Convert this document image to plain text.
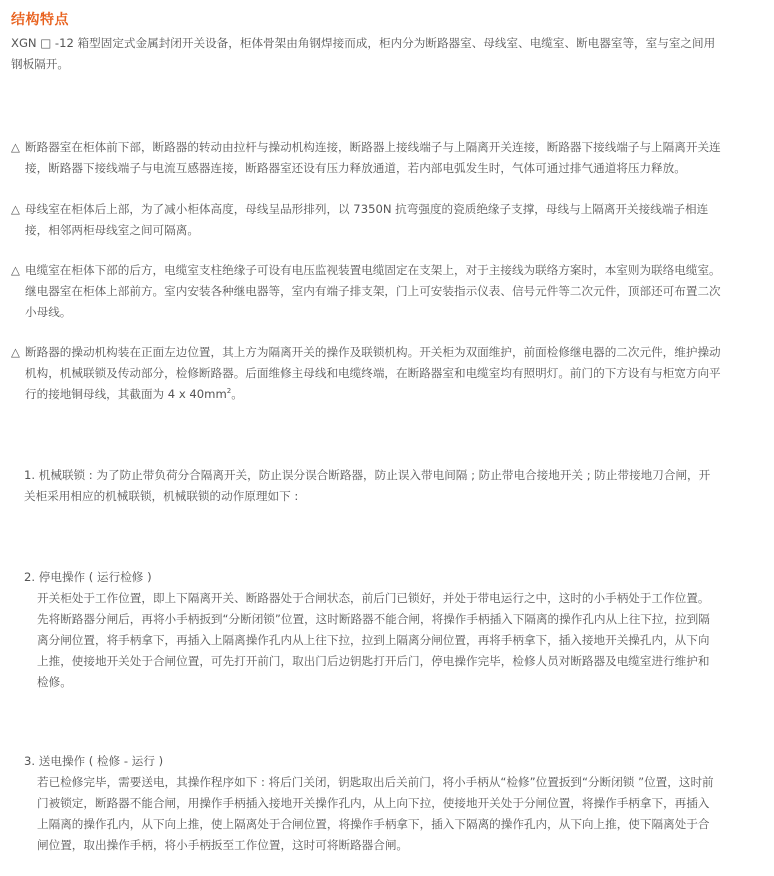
结构特点

XGN □ -12 箱型固定式金属封闭开关设备，柜体骨架由角钢焊接而成，柜内分为断路器室、母线室、电缆室、断电器室等，室与室之间用钢板隔开。

△ 断路器室在柜体前下部，断路器的转动由拉杆与操动机构连接，断路器上接线端子与上隔离开关连接，断路器下接线端子与上隔离开关连接，断路器下接线端子与电流互感器连接，断路器室还设有压力释放通道，若内部电弧发生时，气体可通过排气通道将压力释放。
△ 母线室在柜体后上部，为了减小柜体高度，母线呈品形排列，以 7350N 抗弯强度的瓷质绝缘子支撑，母线与上隔离开关接线端子相连接，相邻两柜母线室之间可隔离。
△ 电缆室在柜体下部的后方，电缆室支柱绝缘子可设有电压监视装置电缆固定在支架上，对于主接线为联络方案时，本室则为联络电缆室。继电器室在柜体上部前方。室内安装各种继电器等，室内有端子排支架，门上可安装指示仪表、信号元件等二次元件，顶部还可布置二次小母线。
△ 断路器的操动机构装在正面左边位置，其上方为隔离开关的操作及联锁机构。开关柜为双面维护，前面检修继电器的二次元件，维护操动机构，机械联锁及传动部分，检修断路器。后面维修主母线和电缆终端，在断路器室和电缆室均有照明灯。前门的下方设有与柜宽方向平行的接地铜母线，其截面为 4 x $40mm^2$。
1. 机械联锁 : 为了防止带负荷分合隔离开关，防止误分误合断路器，防止误入带电间隔 ; 防止带电合接地开关 ; 防止带接地刀合闸，开关柜采用相应的机械联锁，机械联锁的动作原理如下 :
2. 停电操作 ( 运行检修 )
开关柜处于工作位置，即上下隔离开关、断路器处于合闸状态，前后门已锁好，并处于带电运行之中，这时的小手柄处于工作位置。先将断路器分闸后，再将小手柄扳到“分断闭锁”位置，这时断路器不能合闸，将操作手柄插入下隔离的操作孔内从上往下拉，拉到隔离分闸位置，将手柄拿下，再插入上隔离操作孔内从上往下拉，拉到上隔离分闸位置，再将手柄拿下，插入接地开关操孔内，从下向上推，使接地开关处于合闸位置，可先打开前门，取出门后边钥匙打开后门，停电操作完毕，检修人员对断路器及电缆室进行维护和检修。
3. 送电操作 ( 检修 - 运行 )
若已检修完毕，需要送电，其操作程序如下 : 将后门关闭，钥匙取出后关前门，将小手柄从“检修”位置扳到“分断闭锁 ”位置，这时前门被锁定，断路器不能合闸，用操作手柄插入接地开关操作孔内，从上向下拉，使接地开关处于分闸位置，将操作手柄拿下，再插入上隔离的操作孔内，从下向上推，使上隔离处于合闸位置，将操作手柄拿下，插入下隔离的操作孔内，从下向上推，使下隔离处于合闸位置，取出操作手柄，将小手柄扳至工作位置，这时可将断路器合闸。
